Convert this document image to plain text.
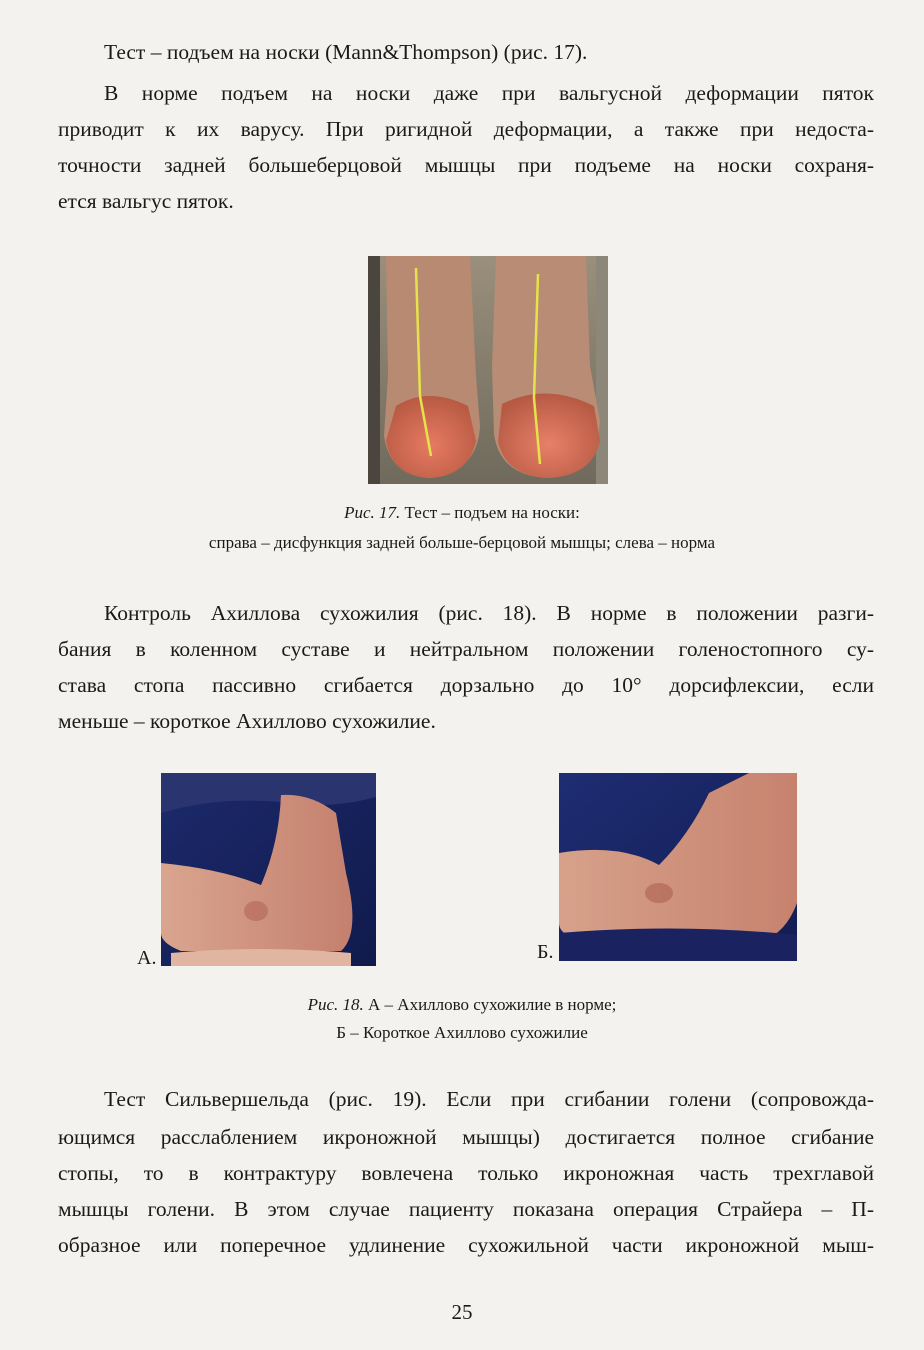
Тест – подъем на носки (Mann&Thompson) (рис. 17).
В норме подъем на носки даже при вальгусной деформации пяток
приводит к их варусу. При ригидной деформации, а также при недоста-
точности задней большеберцовой мышцы при подъеме на носки сохраня-
ется вальгус пяток.
Рис. 17. Тест – подъем на носки:
справа – дисфункция задней больше-берцовой мышцы; слева – норма
Контроль Ахиллова сухожилия (рис. 18). В норме в положении разги-
бания в коленном суставе и нейтральном положении голеностопного су-
става стопа пассивно сгибается дорзально до 10° дорсифлексии, если
меньше – короткое Ахиллово сухожилие.
А.	Б.
Рис. 18. А – Ахиллово сухожилие в норме;
Б – Короткое Ахиллово сухожилие
Тест Сильвершельда (рис. 19). Если при сгибании голени (сопровожда-
ющимся расслаблением икроножной мышцы) достигается полное сгибание
стопы, то в контрактуру вовлечена только икроножная часть трехглавой
мышцы голени. В этом случае пациенту показана операция Страйера – П-
образное или поперечное удлинение сухожильной части икроножной мыш-
25
